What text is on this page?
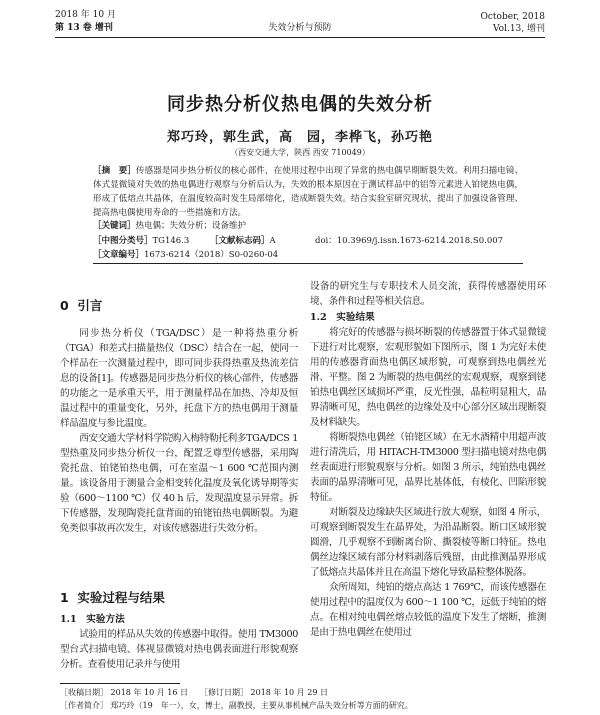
2018 年 10 月
第 13 卷 增刊	失效分析与预防
October, 2018
Vol.13, 增刊
同步热分析仪热电偶的失效分析
郑巧玲，郭生武，高　园，李桦飞，孙巧艳
（西安交通大学，陕西 西安 710049）
［摘　要］传感器是同步热分析仪的核心部件，在使用过程中出现了异常的热电偶早期断裂失效。利用扫描电镜、体式显微镜对失效的热电偶进行观察与分析后认为，失效的根本原因在于测试样品中的铝等元素进入铂铑热电偶，形成了低熔点共晶体，在温度较高时发生局部熔化，造成断裂失效。结合实验室研究现状，提出了加强设备管理、提高热电偶使用寿命的一些措施和方法。
［关键词］热电偶；失效分析；设备维护
［中图分类号］TG146.3 ［文献标志码］A	doi：10.3969/j.issn.1673-6214.2018.S0.007
［文章编号］1673-6214（2018）S0-0260-04
0 引言

同步热分析仪（TGA/DSC）是一种将热重分析（TGA）和差式扫描量热仪（DSC）结合在一起，使同一个样品在一次测量过程中，即可同步获得热重及热流差信息的设备[1]。传感器是同步热分析仪的核心部件，传感器的功能之一是承重天平，用于测量样品在加热、冷却及恒温过程中的重量变化，另外，托盘下方的热电偶用于测量样品温度与参比温度。

西安交通大学材料学院购入梅特勒托利多TGA/DCS 1 型热重及同步热分析仪一台，配置乏尊型传感器，采用陶瓷托盘、铂铑铂热电偶，可在室温～1 600 ℃范围内测量。该设备用于测量合金相变转化温度及氧化诱导期等实验（600～1100 ℃）仅 40 h 后，发现温度显示异常。拆下传感器，发现陶瓷托盘背面的铂铑铂热电偶断裂。为避免类似事故再次发生，对该传感器进行失效分析。

1 实验过程与结果
1.1　实验方法

试验用的样品从失效的传感器中取得。使用 TM3000 型台式扫描电镜、体视显微镜对热电偶表面进行形貌观察分析。查看使用记录并与使用

设备的研究生与专职技术人员交流，获得传感器使用环境、条件和过程等相关信息。
1.2　实验结果

将完好的传感器与损坏断裂的传感器置于体式显微镜下进行对比观察，宏观形貌如下图所示，图 1 为完好未使用的传感器背面热电偶区域形貌，可观察到热电偶丝光滑、平整。图 2 为断裂的热电偶丝的宏观观察，观察到铑铂热电偶丝区域损坏严重，反光性强，晶粒明显粗大，晶界清晰可见，热电偶丝的边缘处及中心部分区域出现断裂及材料缺失。

将断裂热电偶丝（铂铑区域）在无水酒精中用超声波进行清洗后，用 HITACH-TM3000 型扫描电镜对热电偶丝表面进行形貌观察与分析。如图 3 所示，纯铂热电偶丝表面的晶界清晰可见，晶界比基体低，有棱化、凹陷形貌特征。

对断裂及边缘缺失区域进行放大观察，如图 4 所示，可观察到断裂发生在晶界处，为沿晶断裂。断口区域形貌圆滑，几乎观察不到断离台阶、撕裂棱等断口特征。热电偶丝边缘区域有部分材料剥落后残留，由此推测晶界形成了低熔点共晶体并且在高温下熔化导致晶粒整体脱落。

众所周知，纯铂的熔点高达 1 769℃，而该传感器在使用过程中的温度仅为 600～1 100 ℃，远低于纯铂的熔点。在相对纯电偶丝熔点较低的温度下发生了熔断，推测是由于热电偶丝在使用过

［收稿日期］ 2018 年 10 月 16 日　　［修订日期］ 2018 年 10 月 29 日
［作者简介］ 郑巧玲（19　年一），女，博士，副教授，主要从事机械产品失效分析等方面的研究。
